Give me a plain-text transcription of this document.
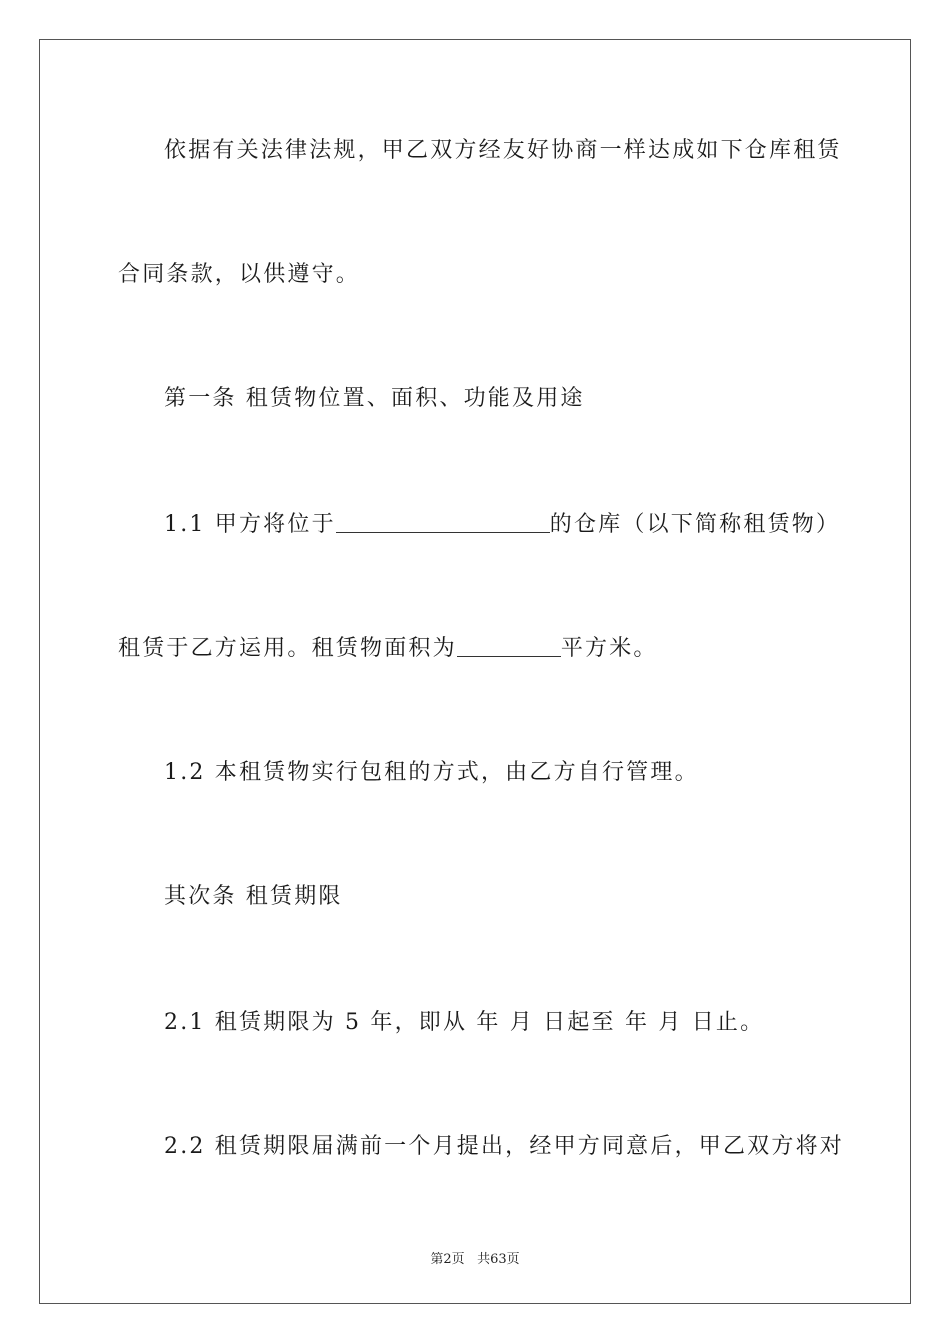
依据有关法律法规，甲乙双方经友好协商一样达成如下仓库租赁
合同条款，以供遵守。
第一条 租赁物位置、面积、功能及用途
1.1 甲方将位于	的仓库（以下简称租赁物）
租赁于乙方运用。租赁物面积为	平方米。
1.2 本租赁物实行包租的方式，由乙方自行管理。
其次条 租赁期限
2.1 租赁期限为 5 年，即从 年 月 日起至 年 月 日止。
2.2 租赁期限届满前一个月提出，经甲方同意后，甲乙双方将对
第2页 共63页
